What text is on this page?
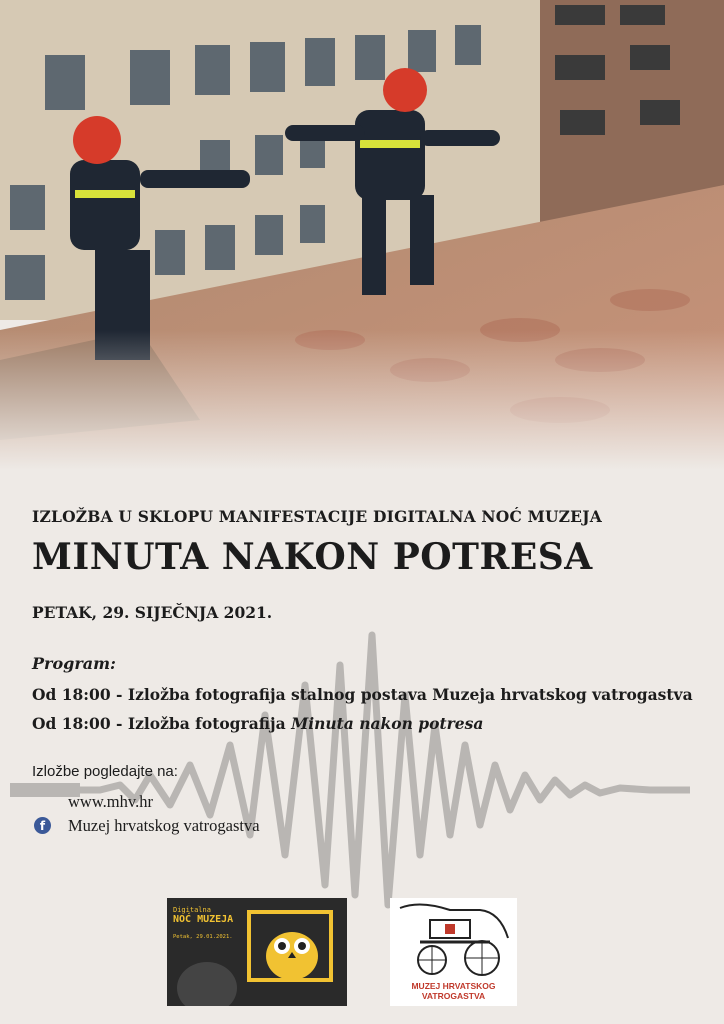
IZLOŽBA U SKLOPU MANIFESTACIJE DIGITALNA NOĆ MUZEJA
MINUTA NAKON POTRESA
PETAK, 29. SIJEČNJA 2021.
Program:
Od 18:00 - Izložba fotografija stalnog postava Muzeja hrvatskog vatrogastva
Od 18:00 - Izložba fotografija Minuta nakon potresa
Izložbe pogledajte na:
www.mhv.hr
f	Muzej hrvatskog vatrogastva
Digitalna
NOĆ MUZEJA
Petak, 29.01.2021.
MUZEJ HRVATSKOG
VATROGASTVA
